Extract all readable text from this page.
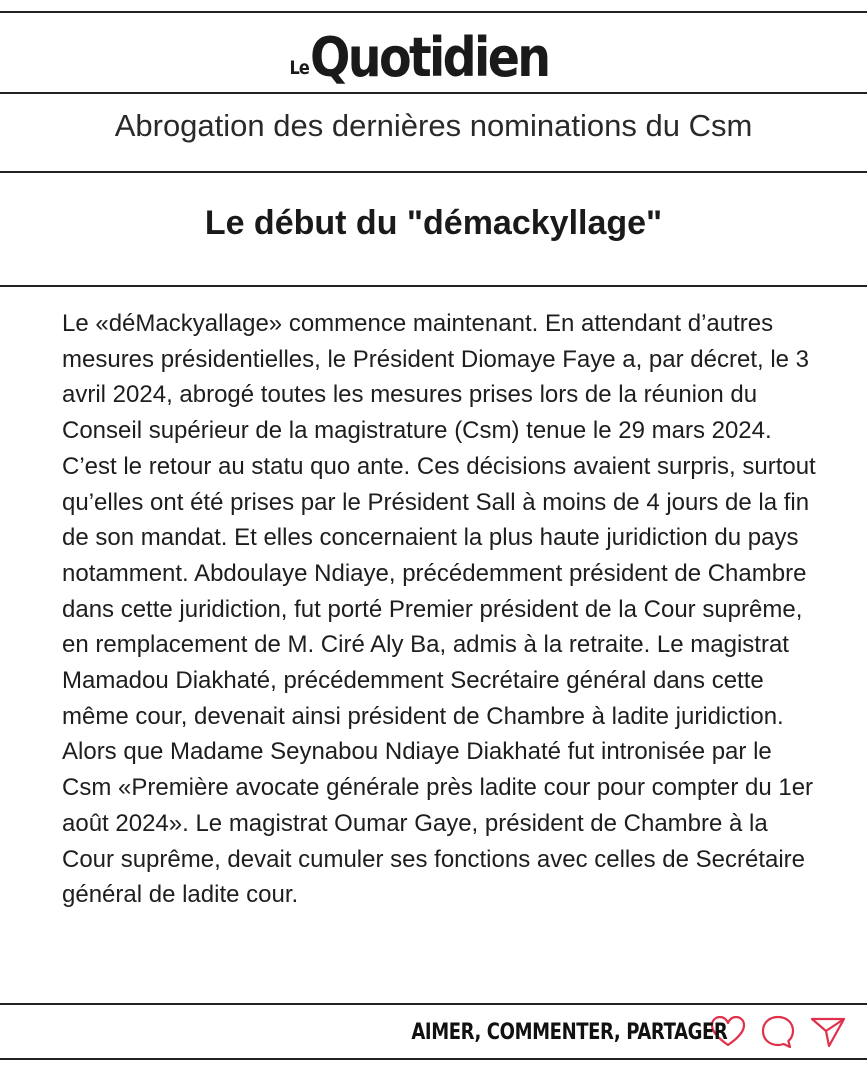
Le Quotidien
Abrogation des dernières nominations du Csm
Le début du "démackyllage"
Le «déMackyallage» commence maintenant. En attendant d’autres mesures présidentielles, le Président Diomaye Faye a, par décret, le 3 avril 2024, abrogé toutes les mesures prises lors de la réunion du Conseil supérieur de la magistrature (Csm) tenue le 29 mars 2024. C’est le retour au statu quo ante. Ces décisions avaient surpris, surtout qu’elles ont été prises par le Président Sall à moins de 4 jours de la fin de son mandat. Et elles concernaient la plus haute juridiction du pays notamment. Abdoulaye Ndiaye, précédemment président de Chambre dans cette juridiction, fut porté Premier président de la Cour suprême, en remplacement de M. Ciré Aly Ba, admis à la retraite. Le magistrat Mamadou Diakhaté, précédemment Secrétaire général dans cette même cour, devenait ainsi président de Chambre à ladite juridiction. Alors que Madame Seynabou Ndiaye Diakhaté fut intronisée par le Csm «Première avocate générale près ladite cour pour compter du 1er août 2024». Le magistrat Oumar Gaye, président de Chambre à la Cour suprême, devait cumuler ses fonctions avec celles de Secrétaire général de ladite cour.
AIMER, COMMENTER, PARTAGER
